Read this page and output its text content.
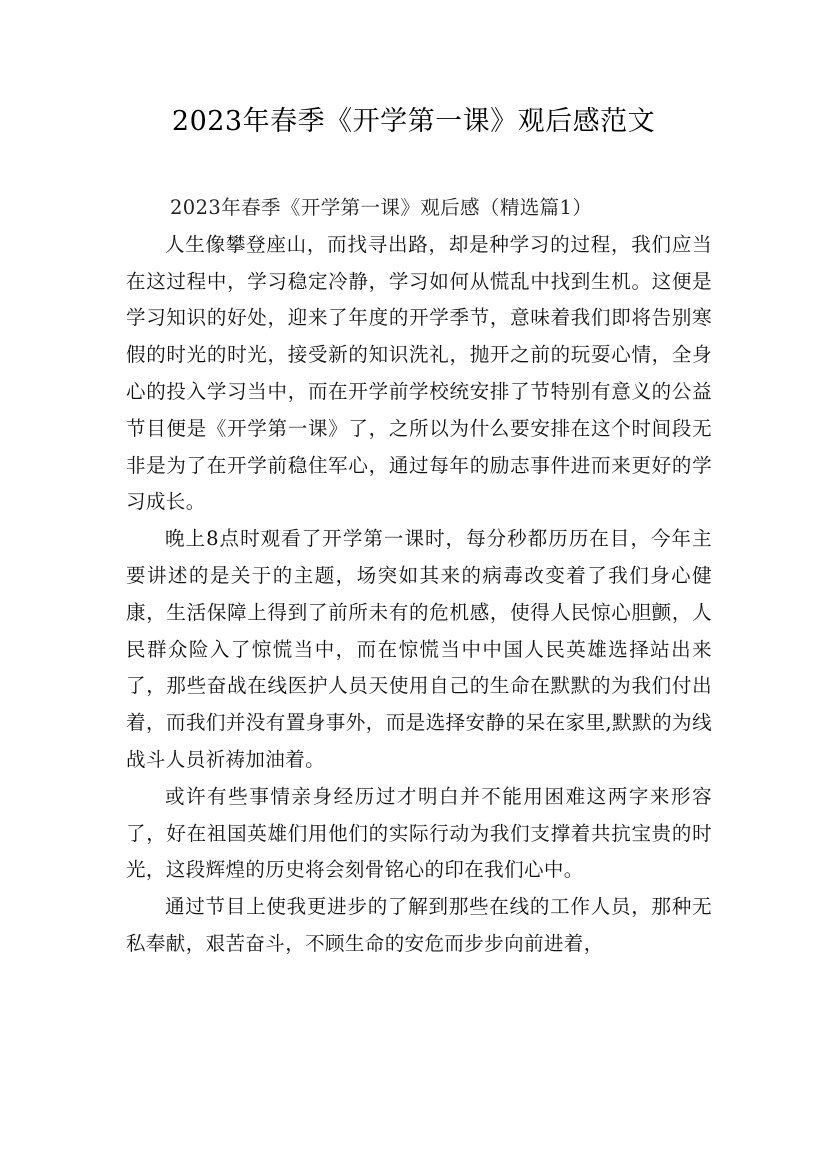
2023年春季《开学第一课》观后感范文

2023年春季《开学第一课》观后感（精选篇1）

人生像攀登座山，而找寻出路，却是种学习的过程，我们应当在这过程中，学习稳定冷静，学习如何从慌乱中找到生机。这便是学习知识的好处，迎来了年度的开学季节，意味着我们即将告别寒假的时光的时光，接受新的知识洗礼，抛开之前的玩耍心情，全身心的投入学习当中，而在开学前学校统安排了节特别有意义的公益节目便是《开学第一课》了，之所以为什么要安排在这个时间段无非是为了在开学前稳住军心，通过每年的励志事件进而来更好的学习成长。

晚上8点时观看了开学第一课时，每分秒都历历在目，今年主要讲述的是关于的主题，场突如其来的病毒改变着了我们身心健康，生活保障上得到了前所未有的危机感，使得人民惊心胆颤，人民群众险入了惊慌当中，而在惊慌当中中国人民英雄选择站出来了，那些奋战在线医护人员天使用自己的生命在默默的为我们付出着，而我们并没有置身事外，而是选择安静的呆在家里,默默的为线战斗人员祈祷加油着。

或许有些事情亲身经历过才明白并不能用困难这两字来形容了，好在祖国英雄们用他们的实际行动为我们支撑着共抗宝贵的时光，这段辉煌的历史将会刻骨铭心的印在我们心中。

通过节目上使我更进步的了解到那些在线的工作人员，那种无私奉献，艰苦奋斗，不顾生命的安危而步步向前进着，
